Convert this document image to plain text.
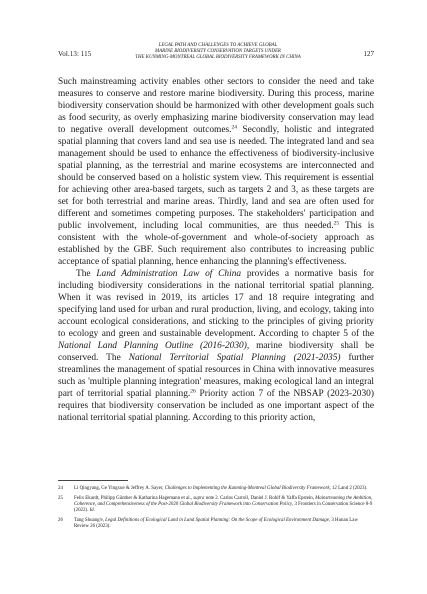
Vol.13: 115
LEGAL PATH AND CHALLENGES TO ACHIEVE GLOBAL
MARINE BIODIVERSITY CONSERVATION TARGETS UNDER
THE KUNMING-MONTREAL GLOBAL BIODIVERSITY FRAMEWORK IN CHINA	127

Such mainstreaming activity enables other sectors to consider the need and take measures to conserve and restore marine biodiversity. During this process, marine biodiversity conservation should be harmonized with other development goals such as food security, as overly emphasizing marine biodiversity conservation may lead to negative overall development outcomes.$^{24}$ Secondly, holistic and integrated spatial planning that covers land and sea use is needed. The integrated land and sea management should be used to enhance the effectiveness of biodiversity-inclusive spatial planning, as the terrestrial and marine ecosystems are interconnected and should be conserved based on a holistic system view. This requirement is essential for achieving other area-based targets, such as targets 2 and 3, as these targets are set for both terrestrial and marine areas. Thirdly, land and sea are often used for different and sometimes competing purposes. The stakeholders' participation and public involvement, including local communities, are thus needed.$^{25}$ This is consistent with the whole-of-government and whole-of-society approach as established by the GBF. Such requirement also contributes to increasing public acceptance of spatial planning, hence enhancing the planning's effectiveness.

The Land Administration Law of China provides a normative basis for including biodiversity considerations in the national territorial spatial planning. When it was revised in 2019, its articles 17 and 18 require integrating and specifying land used for urban and rural production, living, and ecology, taking into account ecological considerations, and sticking to the principles of giving priority to ecology and green and sustainable development. According to chapter 5 of the National Land Planning Outline (2016-2030), marine biodiversity shall be conserved. The National Territorial Spatial Planning (2021-2035) further streamlines the management of spatial resources in China with innovative measures such as 'multiple planning integration' measures, making ecological land an integral part of territorial spatial planning.$^{26}$ Priority action 7 of the NBSAP (2023-2030) requires that biodiversity conservation be included as one important aspect of the national territorial spatial planning. According to this priority action,

24	Li Qingyang, Ge Yingxue & Jeffrey A. Sayer, Challenges to Implementing the Kunming-Montreal Global Biodiversity Framework, 12 Land 2 (2023).
25	Felix Ekardt, Philipp Günther & Katharina Hagemann et al., supra note 2. Carlos Carroll, Daniel J. Rohlf & Yaffa Epstein, Mainstreaming the Ambition, Coherence, and Comprehensiveness of the Post-2020 Global Biodiversity Framework into Conservation Policy, 3 Frontiers in Conservation Science 8-9 (2022). Id.
26	Tang Shuang'e, Legal Definitions of Ecological Land in Land Spatial Planning: On the Scope of Ecological Environment Damage, 3 Hunan Law Review 26 (2023).
